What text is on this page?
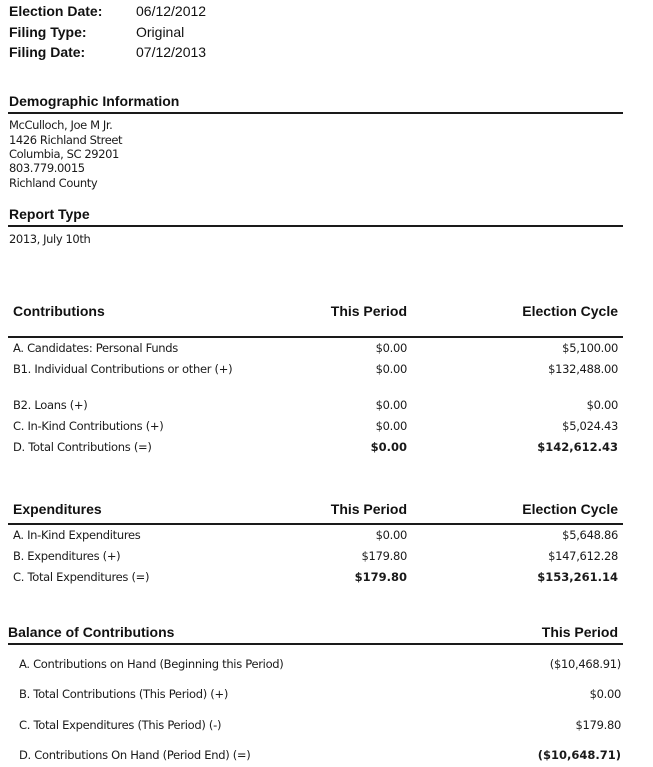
Election Date: 06/12/2012
Filing Type:	Original
Filing Date:	07/12/2013
Demographic Information
McCulloch, Joe M Jr.
1426 Richland Street
Columbia, SC 29201
803.779.0015
Richland County
Report Type
2013, July 10th
Contributions	This Period	Election Cycle
A. Candidates: Personal Funds	$0.00	$5,100.00
B1. Individual Contributions or other (+)	$0.00	$132,488.00
B2. Loans (+)	$0.00	$0.00
C. In-Kind Contributions (+)	$0.00	$5,024.43
D. Total Contributions (=)	$0.00	$142,612.43
Expenditures	This Period	Election Cycle
A. In-Kind Expenditures	$0.00	$5,648.86
B. Expenditures (+)	$179.80	$147,612.28
C. Total Expenditures (=)	$179.80	$153,261.14
Balance of Contributions	This Period
A. Contributions on Hand (Beginning this Period)	($10,468.91)
B. Total Contributions (This Period) (+)	$0.00
C. Total Expenditures (This Period) (-)	$179.80
D. Contributions On Hand (Period End) (=)	($10,648.71)
